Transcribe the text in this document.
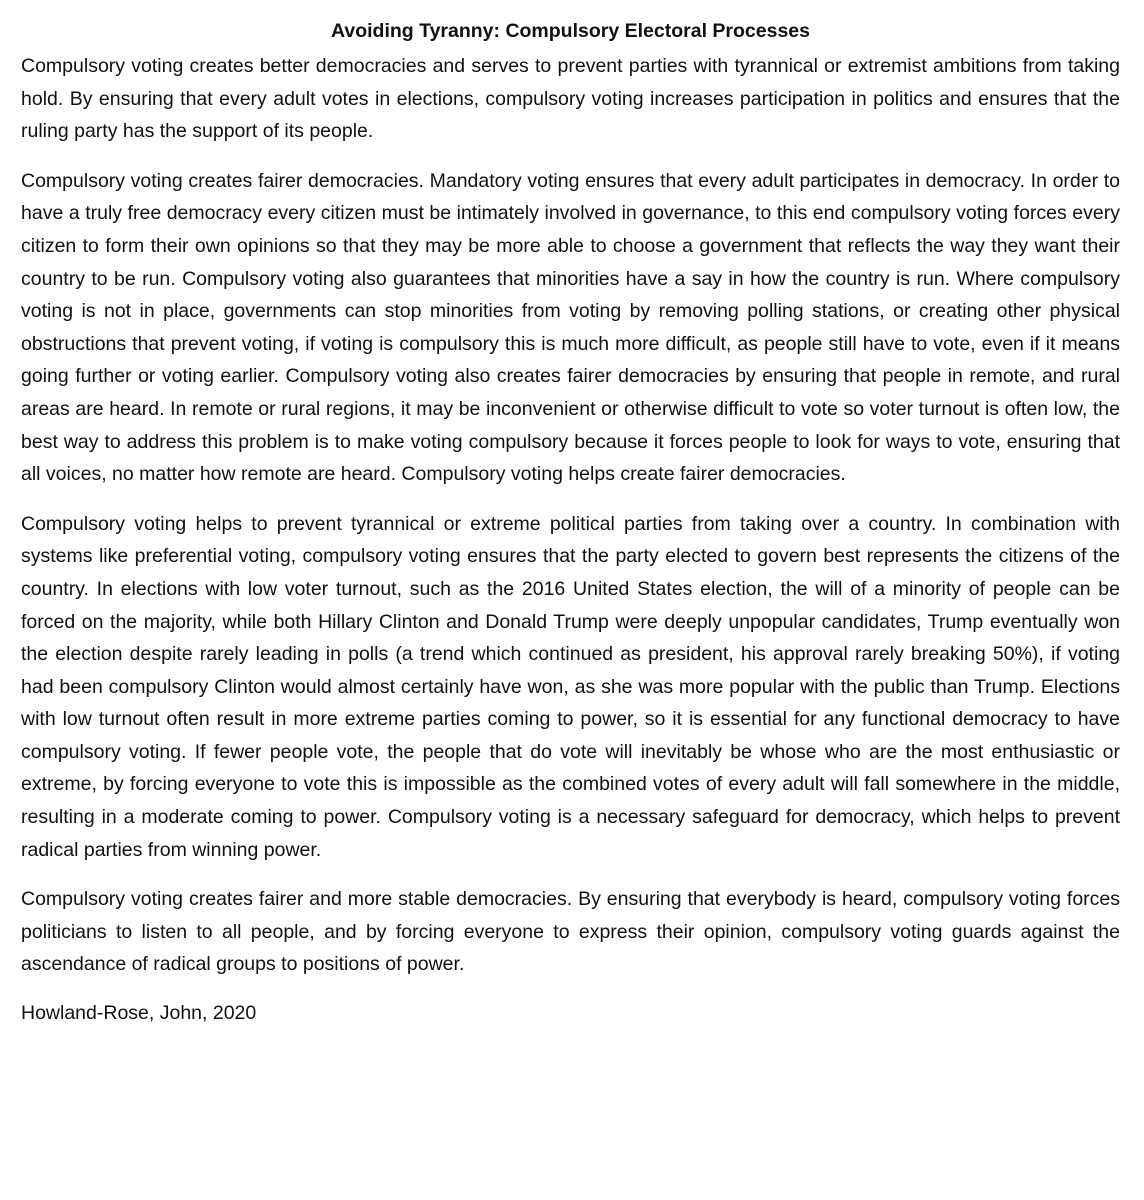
Avoiding Tyranny: Compulsory Electoral Processes

Compulsory voting creates better democracies and serves to prevent parties with tyrannical or extremist ambitions from taking hold. By ensuring that every adult votes in elections, compulsory voting increases participation in politics and ensures that the ruling party has the support of its people.

Compulsory voting creates fairer democracies. Mandatory voting ensures that every adult participates in democracy. In order to have a truly free democracy every citizen must be intimately involved in governance, to this end compulsory voting forces every citizen to form their own opinions so that they may be more able to choose a government that reflects the way they want their country to be run. Compulsory voting also guarantees that minorities have a say in how the country is run. Where compulsory voting is not in place, governments can stop minorities from voting by removing polling stations, or creating other physical obstructions that prevent voting, if voting is compulsory this is much more difficult, as people still have to vote, even if it means going further or voting earlier. Compulsory voting also creates fairer democracies by ensuring that people in remote, and rural areas are heard. In remote or rural regions, it may be inconvenient or otherwise difficult to vote so voter turnout is often low, the best way to address this problem is to make voting compulsory because it forces people to look for ways to vote, ensuring that all voices, no matter how remote are heard. Compulsory voting helps create fairer democracies.

Compulsory voting helps to prevent tyrannical or extreme political parties from taking over a country. In combination with systems like preferential voting, compulsory voting ensures that the party elected to govern best represents the citizens of the country. In elections with low voter turnout, such as the 2016 United States election, the will of a minority of people can be forced on the majority, while both Hillary Clinton and Donald Trump were deeply unpopular candidates, Trump eventually won the election despite rarely leading in polls (a trend which continued as president, his approval rarely breaking 50%), if voting had been compulsory Clinton would almost certainly have won, as she was more popular with the public than Trump. Elections with low turnout often result in more extreme parties coming to power, so it is essential for any functional democracy to have compulsory voting. If fewer people vote, the people that do vote will inevitably be whose who are the most enthusiastic or extreme, by forcing everyone to vote this is impossible as the combined votes of every adult will fall somewhere in the middle, resulting in a moderate coming to power. Compulsory voting is a necessary safeguard for democracy, which helps to prevent radical parties from winning power.

Compulsory voting creates fairer and more stable democracies. By ensuring that everybody is heard, compulsory voting forces politicians to listen to all people, and by forcing everyone to express their opinion, compulsory voting guards against the ascendance of radical groups to positions of power.

Howland-Rose, John, 2020
